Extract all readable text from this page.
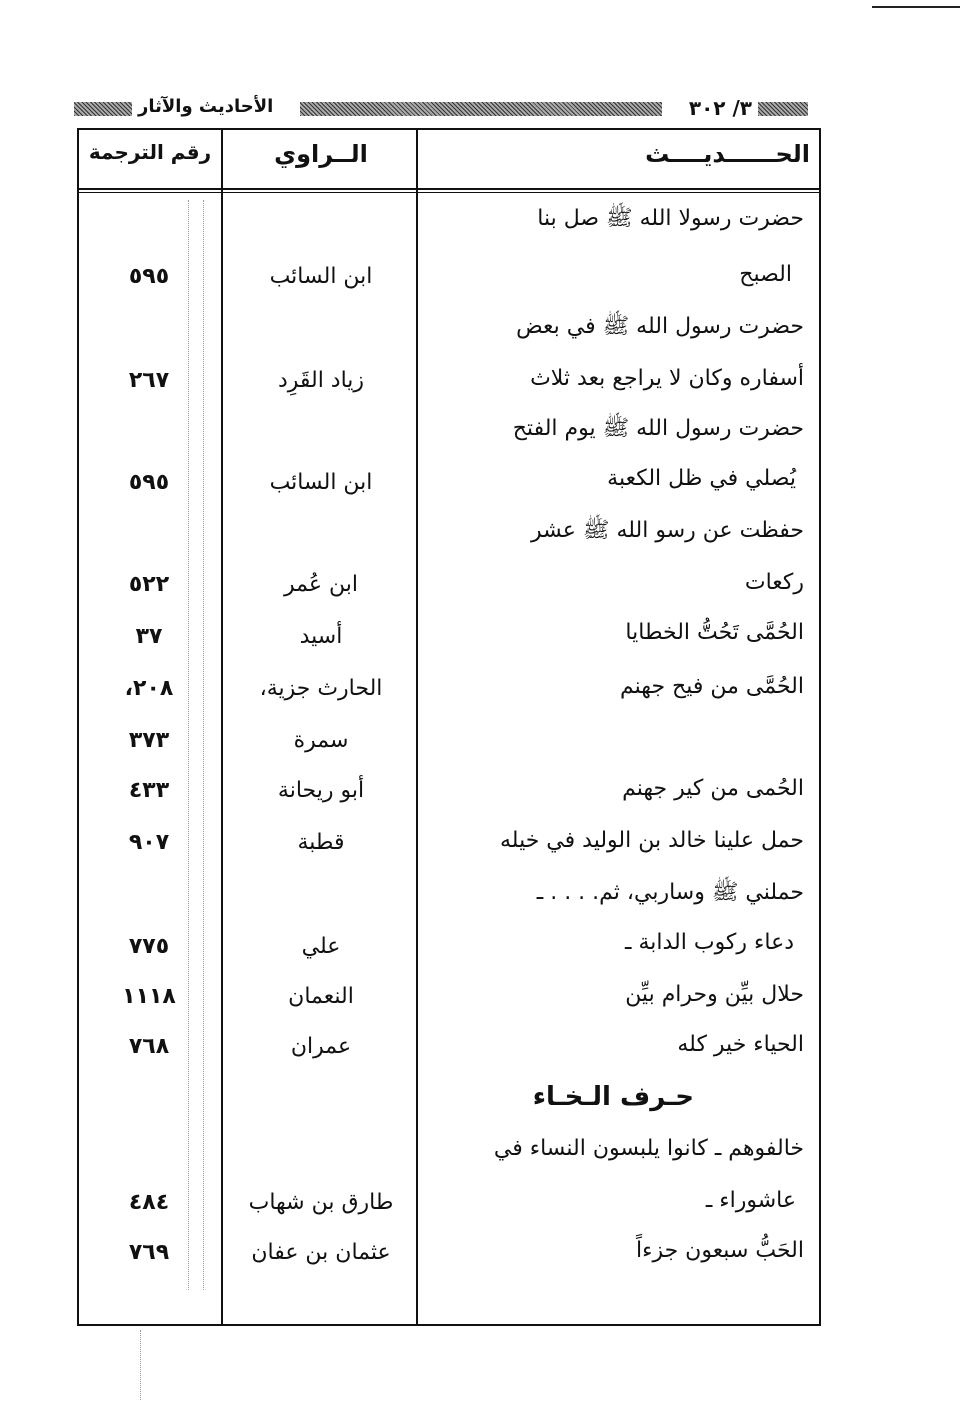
٣/ ٣٠٢
الأحاديث والآثار
الحــــــديــــث
الــراوي
رقم الترجمة
حضرت رسولا الله ﷺ صل بنا
الصبح
ابن السائب
٥٩٥
حضرت رسول الله ﷺ في بعض
أسفاره وكان لا يراجع بعد ثلاث
زياد القَرِد
٢٦٧
حضرت رسول الله ﷺ يوم الفتح
يُصلي في ظل الكعبة
ابن السائب
٥٩٥
حفظت عن رسو الله ﷺ عشر
ركعات
ابن عُمر
٥٢٢
الحُمَّى تَحُتُّ الخطايا
أسيد
٣٧
الحُمَّى من فيح جهنم
الحارث جزية،
٢٠٨،
سمرة
٣٧٣
الحُمى من كير جهنم
أبو ريحانة
٤٣٣
حمل علينا خالد بن الوليد في خيله
قطبة
٩٠٧
حملني ﷺ وساربي، ثم. . . . ـ
دعاء ركوب الدابة ـ
علي
٧٧٥
حلال بيِّن وحرام بيِّن
النعمان
١١١٨
الحياء خير كله
عمران
٧٦٨
حـرف الـخـاء
خالفوهم ـ كانوا يلبسون النساء في
عاشوراء ـ
طارق بن شهاب
٤٨٤
الحَبُّ سبعون جزءاً
عثمان بن عفان
٧٦٩
